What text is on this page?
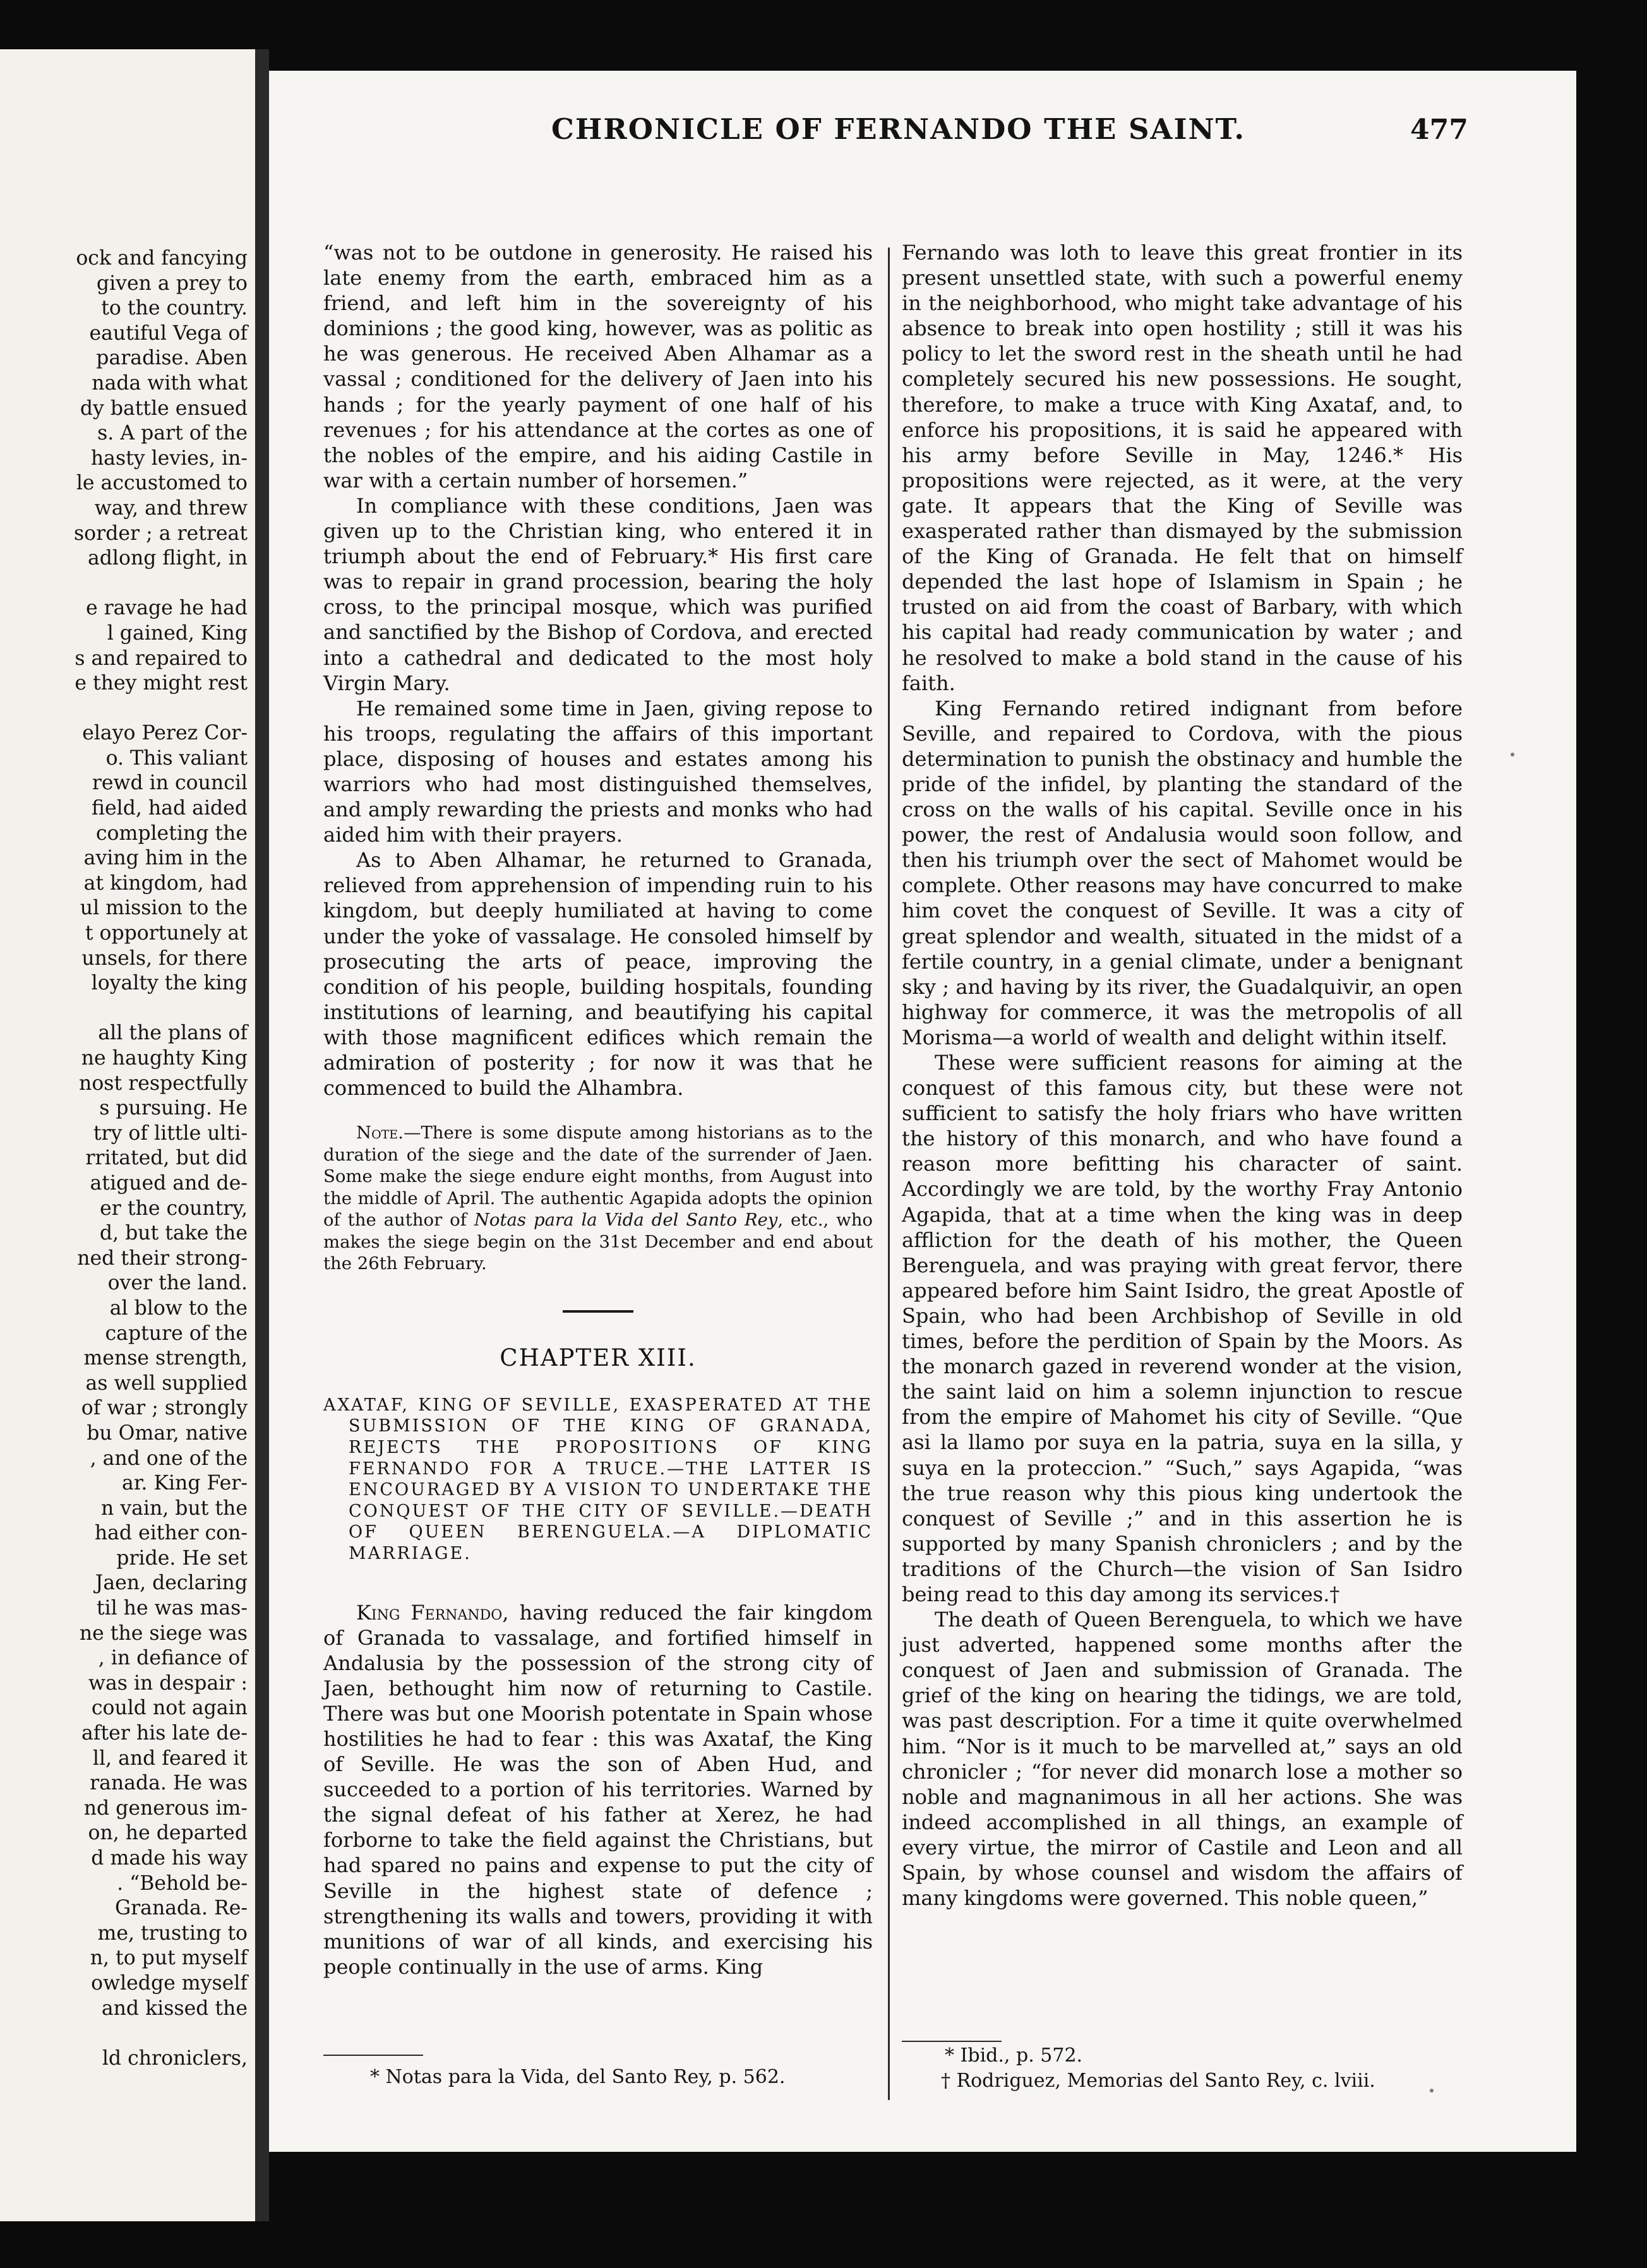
ock and fancying

given a prey to

to the country.

eautiful Vega of

paradise. Aben

nada with what

dy battle ensued

s. A part of the

hasty levies, in-

le accustomed to

way, and threw

sorder ; a retreat

adlong flight, in

e ravage he had

l gained, King

s and repaired to

e they might rest

elayo Perez Cor-

o. This valiant

rewd in council

field, had aided

completing the

aving him in the

at kingdom, had

ul mission to the

t opportunely at

unsels, for there

loyalty the king

all the plans of

ne haughty King

nost respectfully

s pursuing. He

try of little ulti-

rritated, but did

atigued and de-

er the country,

d, but take the

ned their strong-

over the land.

al blow to the

capture of the

mense strength,

as well supplied

of war ; strongly

bu Omar, native

, and one of the

ar. King Fer-

n vain, but the

had either con-

pride. He set

Jaen, declaring

til he was mas-

ne the siege was

, in defiance of

was in despair :

could not again

after his late de-

ll, and feared it

ranada. He was

nd generous im-

on, he departed

d made his way

. “Behold be-

Granada. Re-

me, trusting to

n, to put myself

owledge myself

and kissed the

ld chroniclers,

CHRONICLE OF FERNANDO THE SAINT.	477

“was not to be outdone in generosity. He raised his late enemy from the earth, embraced him as a friend, and left him in the sovereignty of his dominions ; the good king, however, was as politic as he was generous. He received Aben Alhamar as a vassal ; conditioned for the delivery of Jaen into his hands ; for the yearly payment of one half of his revenues ; for his attendance at the cortes as one of the nobles of the empire, and his aiding Castile in war with a certain number of horsemen.”

In compliance with these conditions, Jaen was given up to the Christian king, who entered it in triumph about the end of February.* His first care was to repair in grand procession, bearing the holy cross, to the principal mosque, which was purified and sanctified by the Bishop of Cordova, and erected into a cathedral and dedicated to the most holy Virgin Mary.

He remained some time in Jaen, giving repose to his troops, regulating the affairs of this important place, disposing of houses and estates among his warriors who had most distinguished themselves, and amply rewarding the priests and monks who had aided him with their prayers.

As to Aben Alhamar, he returned to Granada, relieved from apprehension of impending ruin to his kingdom, but deeply humiliated at having to come under the yoke of vassalage. He consoled himself by prosecuting the arts of peace, improving the condition of his people, building hospitals, founding institutions of learning, and beautifying his capital with those magnificent edifices which remain the admiration of posterity ; for now it was that he commenced to build the Alhambra.

Note.—There is some dispute among historians as to the duration of the siege and the date of the surrender of Jaen. Some make the siege endure eight months, from August into the middle of April. The authentic Agapida adopts the opinion of the author of Notas para la Vida del Santo Rey, etc., who makes the siege begin on the 31st December and end about the 26th February.

CHAPTER XIII.
AXATAF, KING OF SEVILLE, EXASPERATED AT THE SUBMISSION OF THE KING OF GRANADA, REJECTS THE PROPOSITIONS OF KING FERNANDO FOR A TRUCE.—THE LATTER IS ENCOURAGED BY A VISION TO UNDERTAKE THE CONQUEST OF THE CITY OF SEVILLE.—DEATH OF QUEEN BERENGUELA.—A DIPLOMATIC MARRIAGE.

King Fernando, having reduced the fair kingdom of Granada to vassalage, and fortified himself in Andalusia by the possession of the strong city of Jaen, bethought him now of returning to Castile. There was but one Moorish potentate in Spain whose hostilities he had to fear : this was Axataf, the King of Seville. He was the son of Aben Hud, and succeeded to a portion of his territories. Warned by the signal defeat of his father at Xerez, he had forborne to take the field against the Christians, but had spared no pains and expense to put the city of Seville in the highest state of defence ; strengthening its walls and towers, providing it with munitions of war of all kinds, and exercising his people continually in the use of arms. King

Fernando was loth to leave this great frontier in its present unsettled state, with such a powerful enemy in the neighborhood, who might take advantage of his absence to break into open hostility ; still it was his policy to let the sword rest in the sheath until he had completely secured his new possessions. He sought, therefore, to make a truce with King Axataf, and, to enforce his propositions, it is said he appeared with his army before Seville in May, 1246.* His propositions were rejected, as it were, at the very gate. It appears that the King of Seville was exasperated rather than dismayed by the submission of the King of Granada. He felt that on himself depended the last hope of Islamism in Spain ; he trusted on aid from the coast of Barbary, with which his capital had ready communication by water ; and he resolved to make a bold stand in the cause of his faith.

King Fernando retired indignant from before Seville, and repaired to Cordova, with the pious determination to punish the obstinacy and humble the pride of the infidel, by planting the standard of the cross on the walls of his capital. Seville once in his power, the rest of Andalusia would soon follow, and then his triumph over the sect of Mahomet would be complete. Other reasons may have concurred to make him covet the conquest of Seville. It was a city of great splendor and wealth, situated in the midst of a fertile country, in a genial climate, under a benignant sky ; and having by its river, the Guadalquivir, an open highway for commerce, it was the metropolis of all Morisma—a world of wealth and delight within itself.

These were sufficient reasons for aiming at the conquest of this famous city, but these were not sufficient to satisfy the holy friars who have written the history of this monarch, and who have found a reason more befitting his character of saint. Accordingly we are told, by the worthy Fray Antonio Agapida, that at a time when the king was in deep affliction for the death of his mother, the Queen Berenguela, and was praying with great fervor, there appeared before him Saint Isidro, the great Apostle of Spain, who had been Archbishop of Seville in old times, before the perdition of Spain by the Moors. As the monarch gazed in reverend wonder at the vision, the saint laid on him a solemn injunction to rescue from the empire of Mahomet his city of Seville. “Que asi la llamo por suya en la patria, suya en la silla, y suya en la proteccion.” “Such,” says Agapida, “was the true reason why this pious king undertook the conquest of Seville ;” and in this assertion he is supported by many Spanish chroniclers ; and by the traditions of the Church—the vision of San Isidro being read to this day among its services.†

The death of Queen Berenguela, to which we have just adverted, happened some months after the conquest of Jaen and submission of Granada. The grief of the king on hearing the tidings, we are told, was past description. For a time it quite overwhelmed him. “Nor is it much to be marvelled at,” says an old chronicler ; “for never did monarch lose a mother so noble and magnanimous in all her actions. She was indeed accomplished in all things, an example of every virtue, the mirror of Castile and Leon and all Spain, by whose counsel and wisdom the affairs of many kingdoms were governed. This noble queen,”

* Notas para la Vida, del Santo Rey, p. 562.
* Ibid., p. 572.
† Rodriguez, Memorias del Santo Rey, c. lviii.
